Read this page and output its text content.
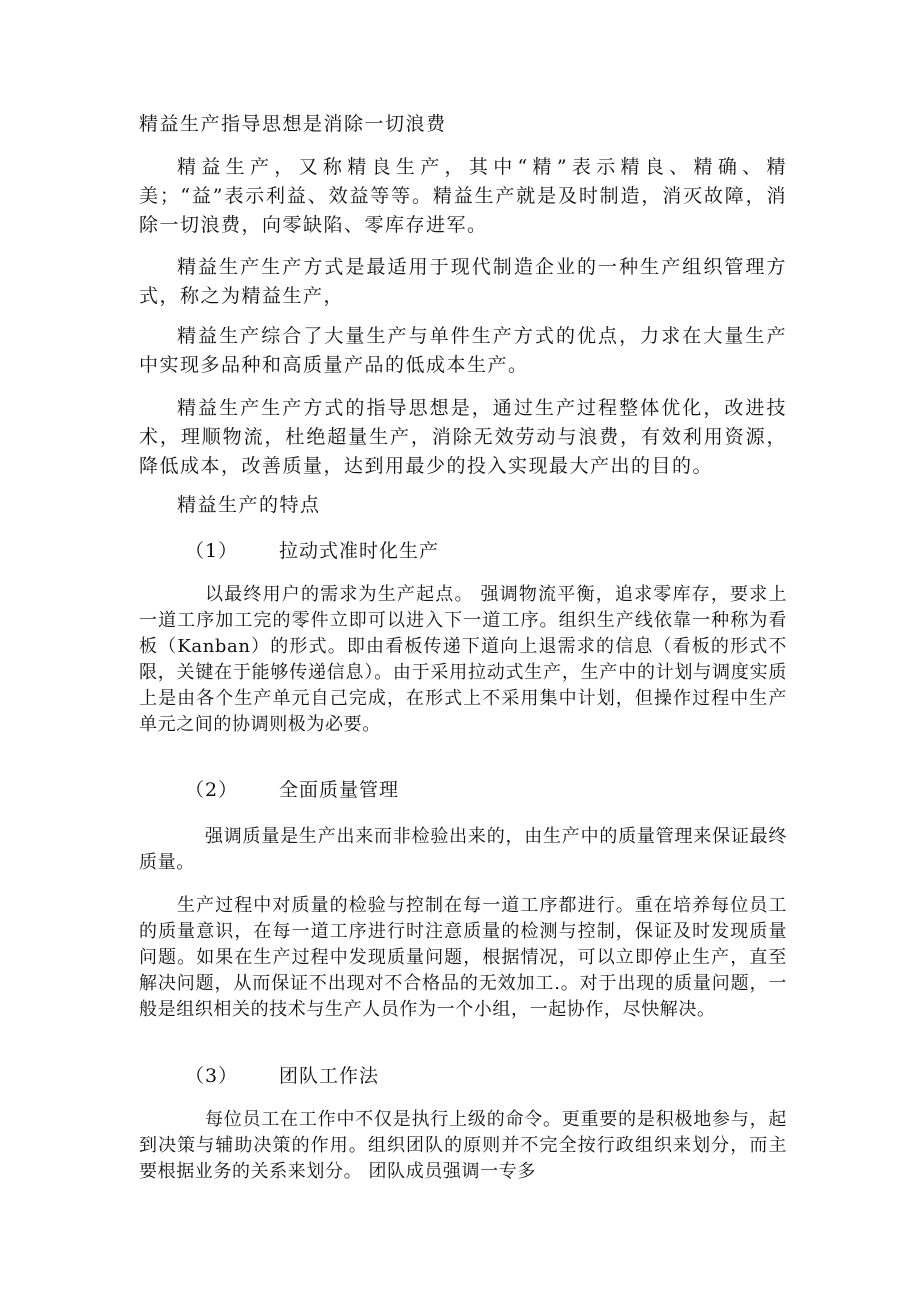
精益生产指导思想是消除一切浪费

精益生产，又称精良生产，其中“精”表示精良、精确、精美；“益”表示利益、效益等等。精益生产就是及时制造，消灭故障，消除一切浪费，向零缺陷、零库存进军。

精益生产生产方式是最适用于现代制造企业的一种生产组织管理方式，称之为精益生产，

精益生产综合了大量生产与单件生产方式的优点，力求在大量生产中实现多品种和高质量产品的低成本生产。

精益生产生产方式的指导思想是，通过生产过程整体优化，改进技术，理顺物流，杜绝超量生产，消除无效劳动与浪费，有效利用资源，降低成本，改善质量，达到用最少的投入实现最大产出的目的。

精益生产的特点

（1） 拉动式准时化生产

以最终用户的需求为生产起点。 强调物流平衡，追求零库存，要求上一道工序加工完的零件立即可以进入下一道工序。组织生产线依靠一种称为看板（Kanban）的形式。即由看板传递下道向上退需求的信息（看板的形式不限，关键在于能够传递信息）。由于采用拉动式生产，生产中的计划与调度实质上是由各个生产单元自己完成，在形式上不采用集中计划，但操作过程中生产单元之间的协调则极为必要。

（2） 全面质量管理

强调质量是生产出来而非检验出来的，由生产中的质量管理来保证最终质量。

生产过程中对质量的检验与控制在每一道工序都进行。重在培养每位员工的质量意识，在每一道工序进行时注意质量的检测与控制，保证及时发现质量问题。如果在生产过程中发现质量问题，根据情况，可以立即停止生产，直至解决问题，从而保证不出现对不合格品的无效加工.。对于出现的质量问题，一般是组织相关的技术与生产人员作为一个小组，一起协作，尽快解决。

（3） 团队工作法

每位员工在工作中不仅是执行上级的命令。更重要的是积极地参与，起到决策与辅助决策的作用。组织团队的原则并不完全按行政组织来划分，而主要根据业务的关系来划分。 团队成员强调一专多
